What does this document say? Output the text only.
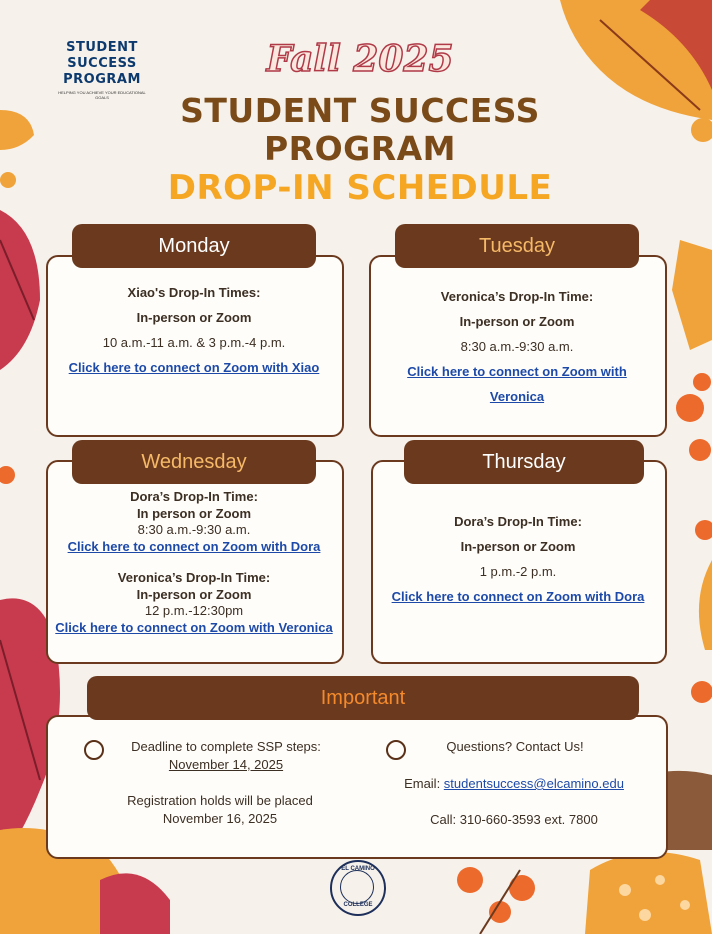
STUDENT
SUCCESS
PROGRAM
HELPING YOU ACHIEVE YOUR EDUCATIONAL GOALS
Fall 2025
STUDENT SUCCESS
PROGRAM
DROP-IN SCHEDULE
Monday
Xiao's Drop-In Times:
In-person or Zoom
10 a.m.-11 a.m. & 3 p.m.-4 p.m.
Click here to connect on Zoom with Xiao
Tuesday
Veronica’s Drop-In Time:
In-person or Zoom
8:30 a.m.-9:30 a.m.
Click here to connect on Zoom with
Veronica
Wednesday
Dora’s Drop-In Time:
In person or Zoom
8:30 a.m.-9:30 a.m.
Click here to connect on Zoom with Dora
Veronica’s Drop-In Time:
In-person or Zoom
12 p.m.-12:30pm
Click here to connect on Zoom with Veronica
Thursday
Dora’s Drop-In Time:
In-person or Zoom
1 p.m.-2 p.m.
Click here to connect on Zoom with Dora
Important
Deadline to complete SSP steps:
November 14, 2025
Registration holds will be placed
November 16, 2025
Questions? Contact Us!
Email: studentsuccess@elcamino.edu
Call: 310-660-3593 ext. 7800
EL CAMINO
COLLEGE
